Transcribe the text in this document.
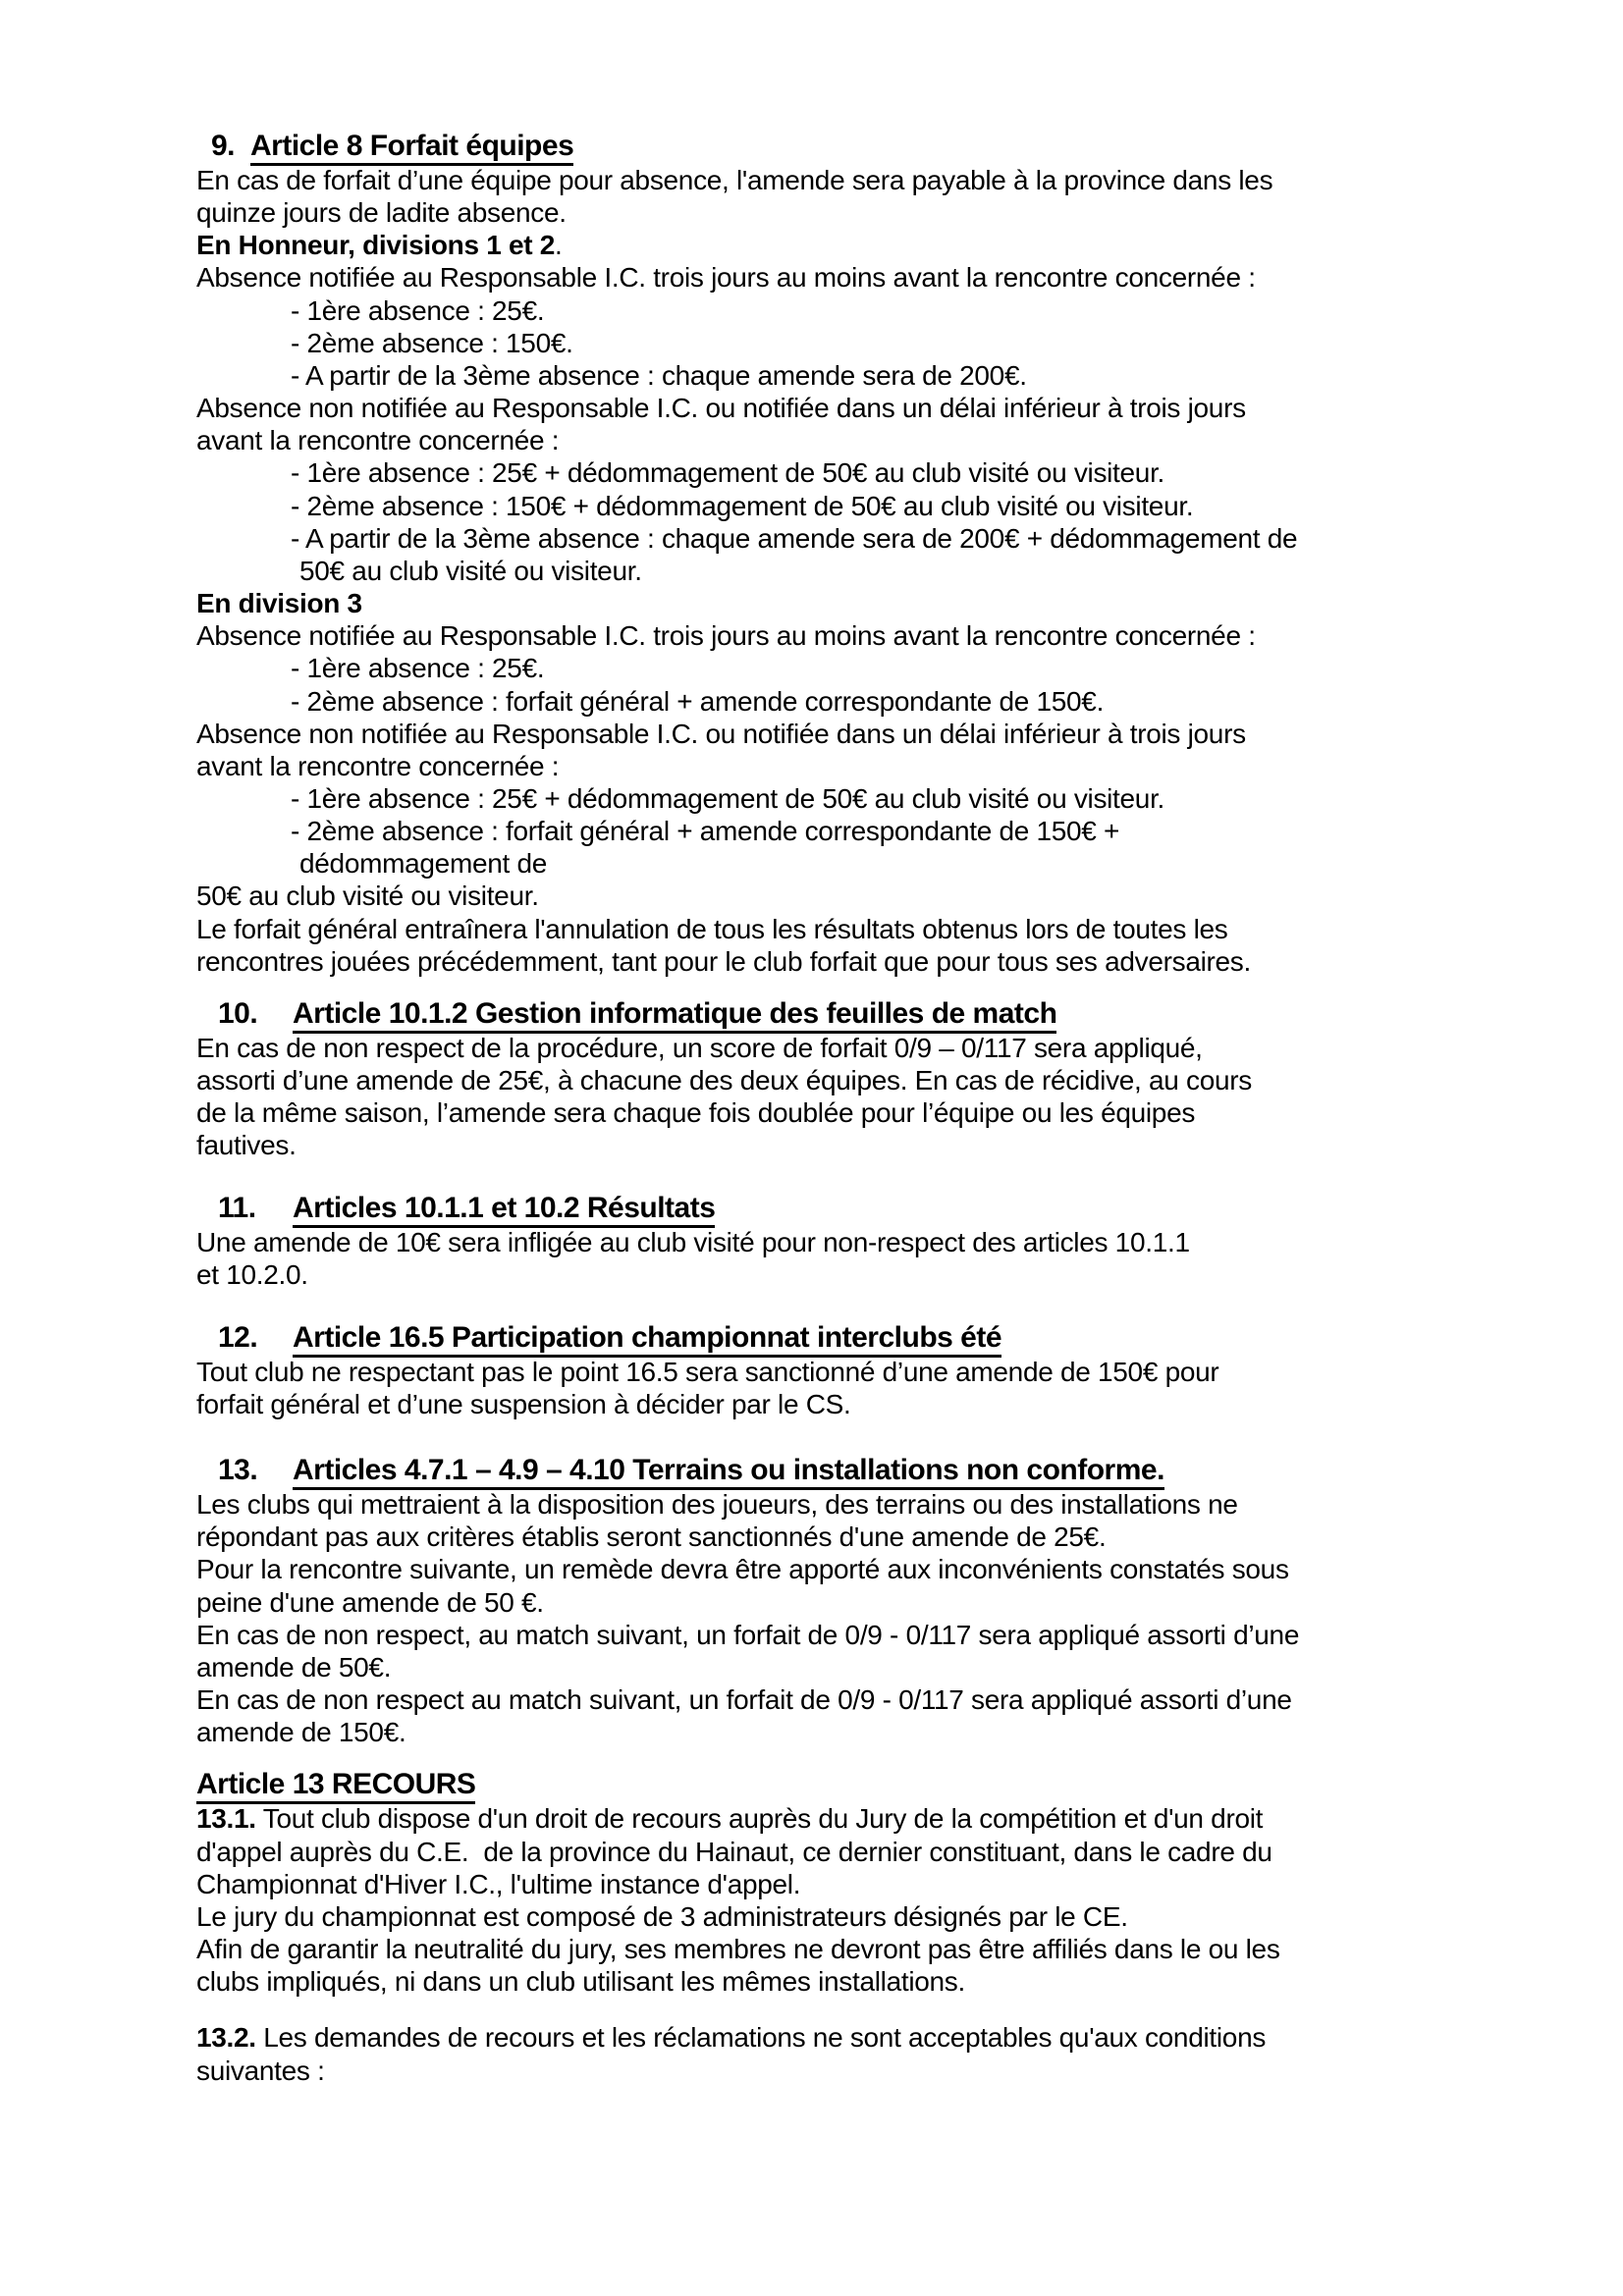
9. Article 8 Forfait équipes
En cas de forfait d’une équipe pour absence, l'amende sera payable à la province dans les
quinze jours de ladite absence.
En Honneur, divisions 1 et 2.
Absence notifiée au Responsable I.C. trois jours au moins avant la rencontre concernée :
- 1ère absence : 25€.
- 2ème absence : 150€.
- A partir de la 3ème absence : chaque amende sera de 200€.
Absence non notifiée au Responsable I.C. ou notifiée dans un délai inférieur à trois jours
avant la rencontre concernée :
- 1ère absence : 25€ + dédommagement de 50€ au club visité ou visiteur.
- 2ème absence : 150€ + dédommagement de 50€ au club visité ou visiteur.
- A partir de la 3ème absence : chaque amende sera de 200€ + dédommagement de
50€ au club visité ou visiteur.
En division 3
Absence notifiée au Responsable I.C. trois jours au moins avant la rencontre concernée :
- 1ère absence : 25€.
- 2ème absence : forfait général + amende correspondante de 150€.
Absence non notifiée au Responsable I.C. ou notifiée dans un délai inférieur à trois jours
avant la rencontre concernée :
- 1ère absence : 25€ + dédommagement de 50€ au club visité ou visiteur.
- 2ème absence : forfait général + amende correspondante de 150€ +
dédommagement de
50€ au club visité ou visiteur.
Le forfait général entraînera l'annulation de tous les résultats obtenus lors de toutes les
rencontres jouées précédemment, tant pour le club forfait que pour tous ses adversaires.
10. Article 10.1.2 Gestion informatique des feuilles de match
En cas de non respect de la procédure, un score de forfait 0/9 – 0/117 sera appliqué,
assorti d’une amende de 25€, à chacune des deux équipes. En cas de récidive, au cours
de la même saison, l’amende sera chaque fois doublée pour l’équipe ou les équipes
fautives.
11. Articles 10.1.1 et 10.2 Résultats
Une amende de 10€ sera infligée au club visité pour non-respect des articles 10.1.1
et 10.2.0.
12. Article 16.5 Participation championnat interclubs été
Tout club ne respectant pas le point 16.5 sera sanctionné d’une amende de 150€ pour
forfait général et d’une suspension à décider par le CS.
13. Articles 4.7.1 – 4.9 – 4.10 Terrains ou installations non conforme.
Les clubs qui mettraient à la disposition des joueurs, des terrains ou des installations ne
répondant pas aux critères établis seront sanctionnés d'une amende de 25€.
Pour la rencontre suivante, un remède devra être apporté aux inconvénients constatés sous
peine d'une amende de 50 €.
En cas de non respect, au match suivant, un forfait de 0/9 - 0/117 sera appliqué assorti d’une
amende de 50€.
En cas de non respect au match suivant, un forfait de 0/9 - 0/117 sera appliqué assorti d’une
amende de 150€.
Article 13 RECOURS
13.1. Tout club dispose d'un droit de recours auprès du Jury de la compétition et d'un droit
d'appel auprès du C.E.  de la province du Hainaut, ce dernier constituant, dans le cadre du
Championnat d'Hiver I.C., l'ultime instance d'appel.
Le jury du championnat est composé de 3 administrateurs désignés par le CE.
Afin de garantir la neutralité du jury, ses membres ne devront pas être affiliés dans le ou les
clubs impliqués, ni dans un club utilisant les mêmes installations.
13.2. Les demandes de recours et les réclamations ne sont acceptables qu'aux conditions
suivantes :
